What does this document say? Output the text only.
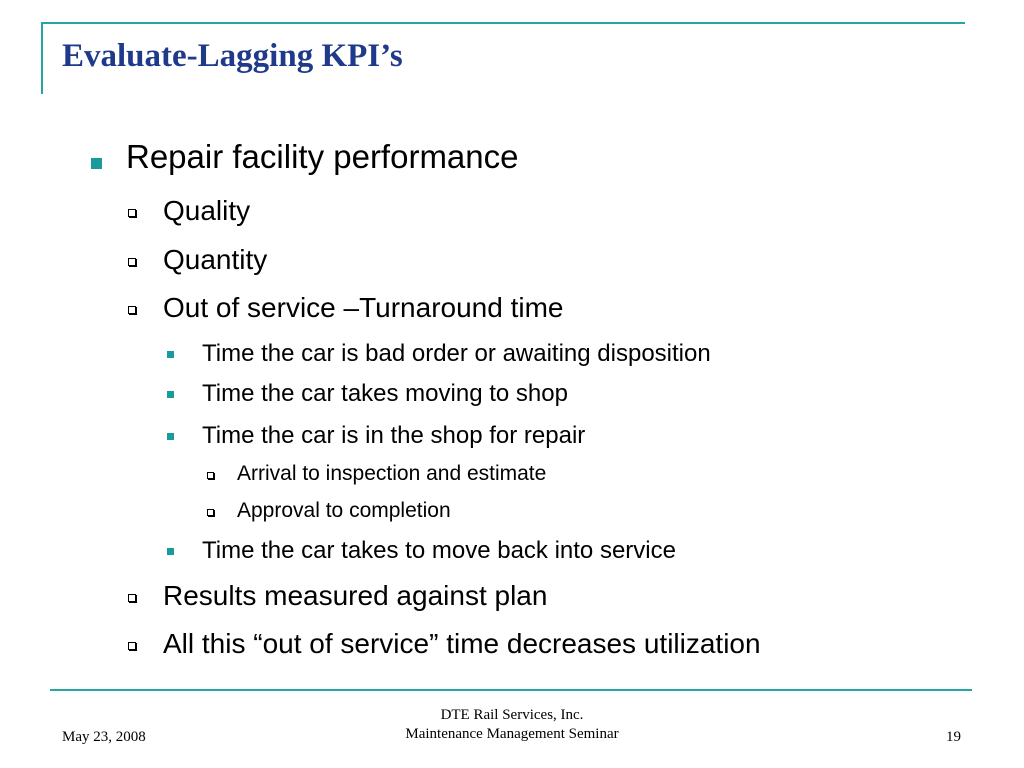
Evaluate-Lagging KPI’s
Repair facility performance
Quality
Quantity
Out of service –Turnaround time
Time the car is bad order or awaiting disposition
Time the car takes moving to shop
Time the car is in the shop for repair
Arrival to inspection and estimate
Approval to completion
Time the car takes to move back into service
Results measured against plan
All this “out of service” time decreases utilization
May 23, 2008
DTE Rail Services, Inc.
Maintenance Management Seminar	19
